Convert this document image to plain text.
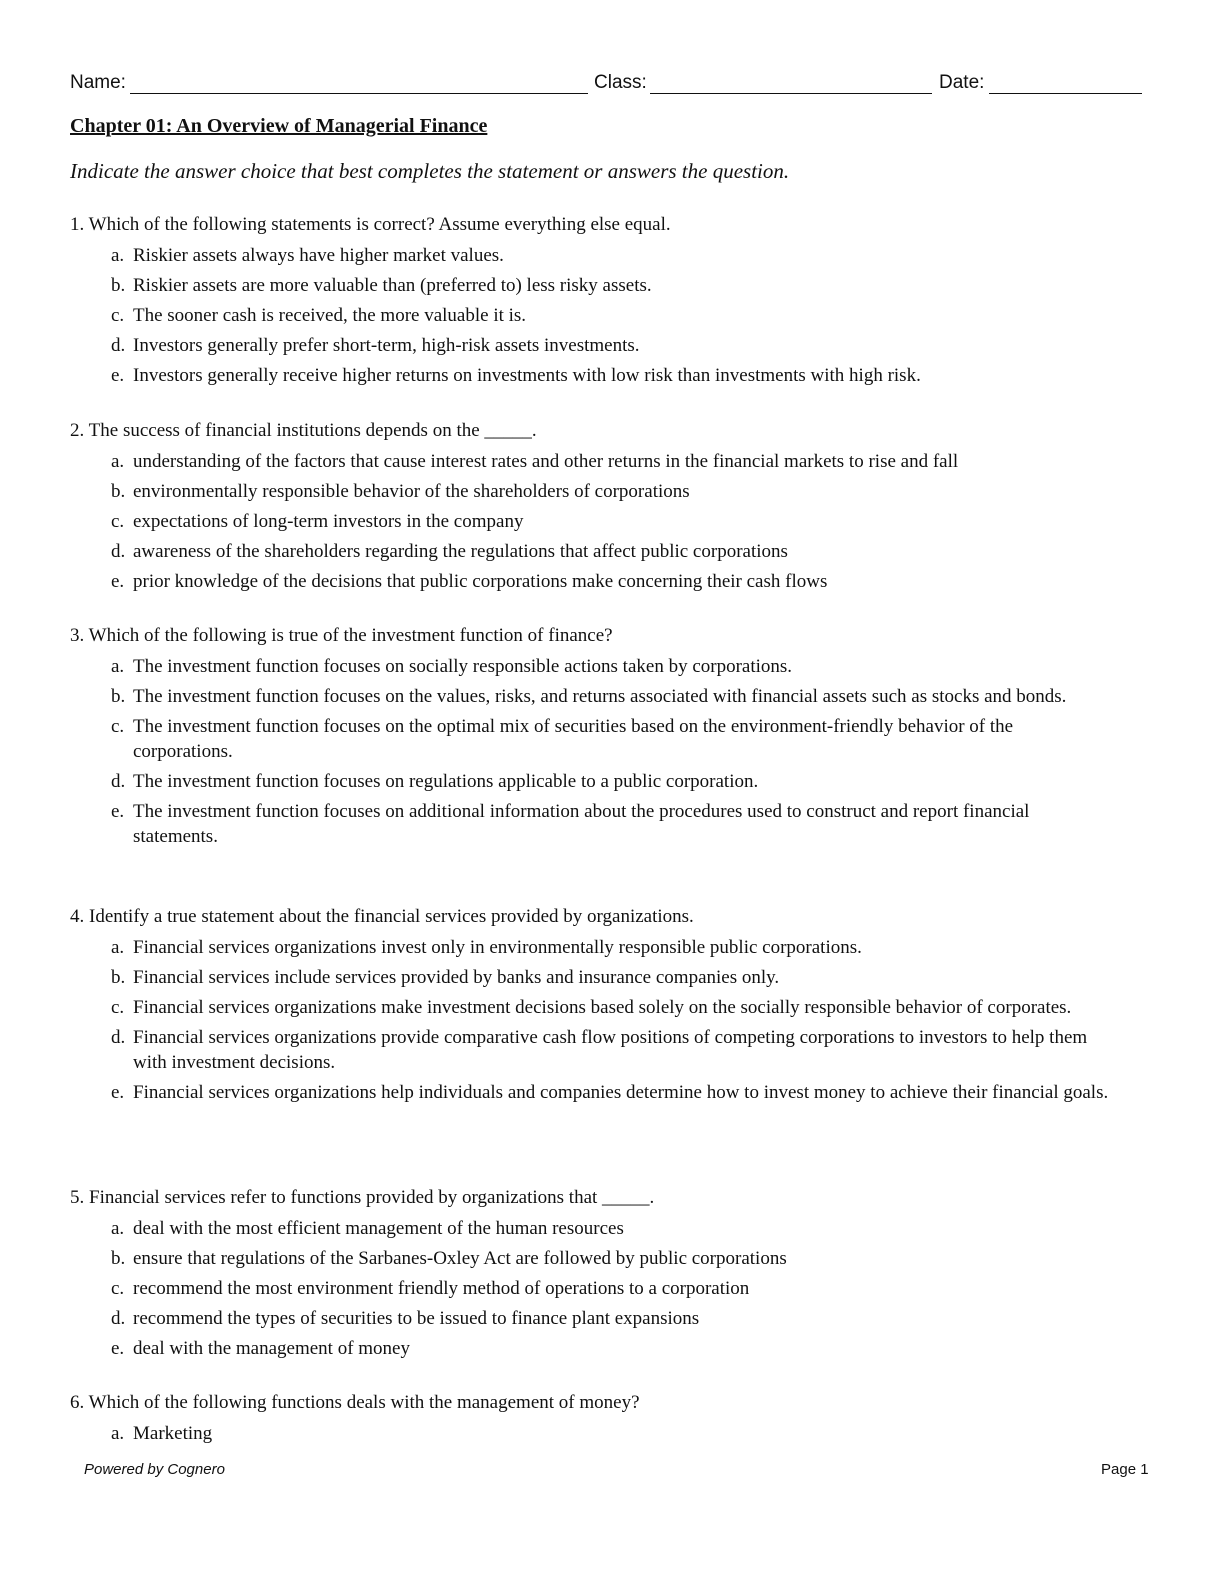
Name:	Class:	Date:
Chapter 01: An Overview of Managerial Finance
Indicate the answer choice that best completes the statement or answers the question.
1. Which of the following statements is correct? Assume everything else equal.
a. Riskier assets always have higher market values.
b. Riskier assets are more valuable than (preferred to) less risky assets.
c. The sooner cash is received, the more valuable it is.
d. Investors generally prefer short-term, high-risk assets investments.
e. Investors generally receive higher returns on investments with low risk than investments with high risk.
2. The success of financial institutions depends on the _____.
a. understanding of the factors that cause interest rates and other returns in the financial markets to rise and fall
b. environmentally responsible behavior of the shareholders of corporations
c. expectations of long-term investors in the company
d. awareness of the shareholders regarding the regulations that affect public corporations
e. prior knowledge of the decisions that public corporations make concerning their cash flows
3. Which of the following is true of the investment function of finance?
a. The investment function focuses on socially responsible actions taken by corporations.
b. The investment function focuses on the values, risks, and returns associated with financial assets such as stocks and bonds.
c. The investment function focuses on the optimal mix of securities based on the environment-friendly behavior of the corporations.
d. The investment function focuses on regulations applicable to a public corporation.
e. The investment function focuses on additional information about the procedures used to construct and report financial statements.
4. Identify a true statement about the financial services provided by organizations.
a. Financial services organizations invest only in environmentally responsible public corporations.
b. Financial services include services provided by banks and insurance companies only.
c. Financial services organizations make investment decisions based solely on the socially responsible behavior of corporates.
d. Financial services organizations provide comparative cash flow positions of competing corporations to investors to help them with investment decisions.
e. Financial services organizations help individuals and companies determine how to invest money to achieve their financial goals.
5. Financial services refer to functions provided by organizations that _____.
a. deal with the most efficient management of the human resources
b. ensure that regulations of the Sarbanes-Oxley Act are followed by public corporations
c. recommend the most environment friendly method of operations to a corporation
d. recommend the types of securities to be issued to finance plant expansions
e. deal with the management of money
6. Which of the following functions deals with the management of money?
a. Marketing
Powered by Cognero	Page 1
